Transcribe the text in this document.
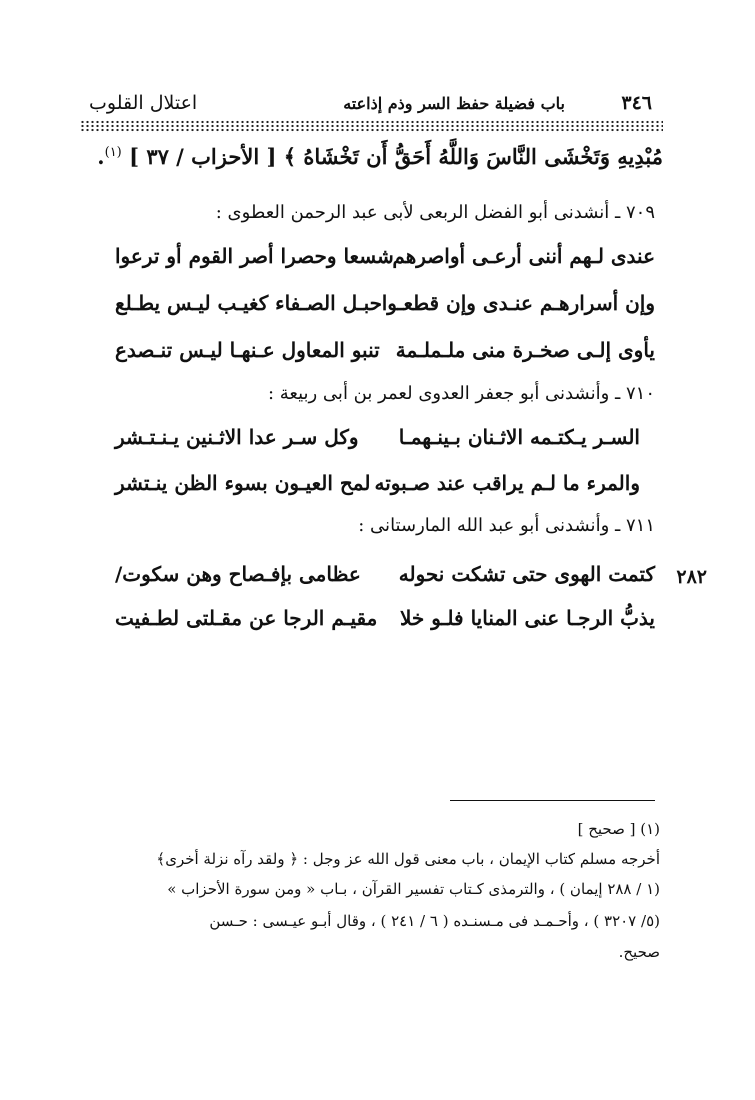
٣٤٦
باب فضيلة حفظ السر وذم إذاعته
اعتلال القلوب
مُبْدِيهِ وَتَخْشَى النَّاسَ وَاللَّهُ أَحَقُّ أَن تَخْشَاهُ ﴾ [ الأحزاب / ٣٧ ] $^{(١)}$.
٧٠٩ ـ أنشدنى أبو الفضل الربعى لأبى عبد الرحمن العطوى :
عندى لـهم أننى أرعـى أواصرهم
شسعا وحصرا أصر القوم أو ترعوا
وإن أسرارهـم عنـدى وإن قطعـوا
حبـل الصـفاء كغيـب ليـس يطـلع
يأوى إلـى صخـرة منى ملـملـمة
تنبو المعاول عـنهـا ليـس تنـصدع
٧١٠ ـ وأنشدنى أبو جعفر العدوى لعمر بن أبى ربيعة :
السـر يـكتـمه الاثـنان بـينـهمـا
وكل سـر عدا الاثـنين يـنـتـشر
والمرء ما لـم يراقب عند صـبوته
لمح العيـون بسوء الظن ينـتشر
٧١١ ـ وأنشدنى أبو عبد الله المارستانى :
٢٨٢
كتمت الهوى حتى تشكت نحوله
عظامى بإفـصاح وهن سكوت/
يذبُّ الرجـا عنى المنايا فلـو خلا
مقيـم الرجا عن مقـلتى لطـفيت
(١) [ صحيح ]
أخرجه مسلم كتاب الإيمان ، باب معنى قول الله عز وجل : ﴿ ولقد رآه نزلة أخرى﴾
(١ / ٢٨٨ إيمان ) ، والترمذى كـتاب تفسير القرآن ، بـاب « ومن سورة الأحزاب »
(٥/ ٣٢٠٧ ) ، وأحـمـد فى مـسنـده ( ٦ / ٢٤١ ) ، وقال أبـو عيـسى : حـسن
صحيح.
